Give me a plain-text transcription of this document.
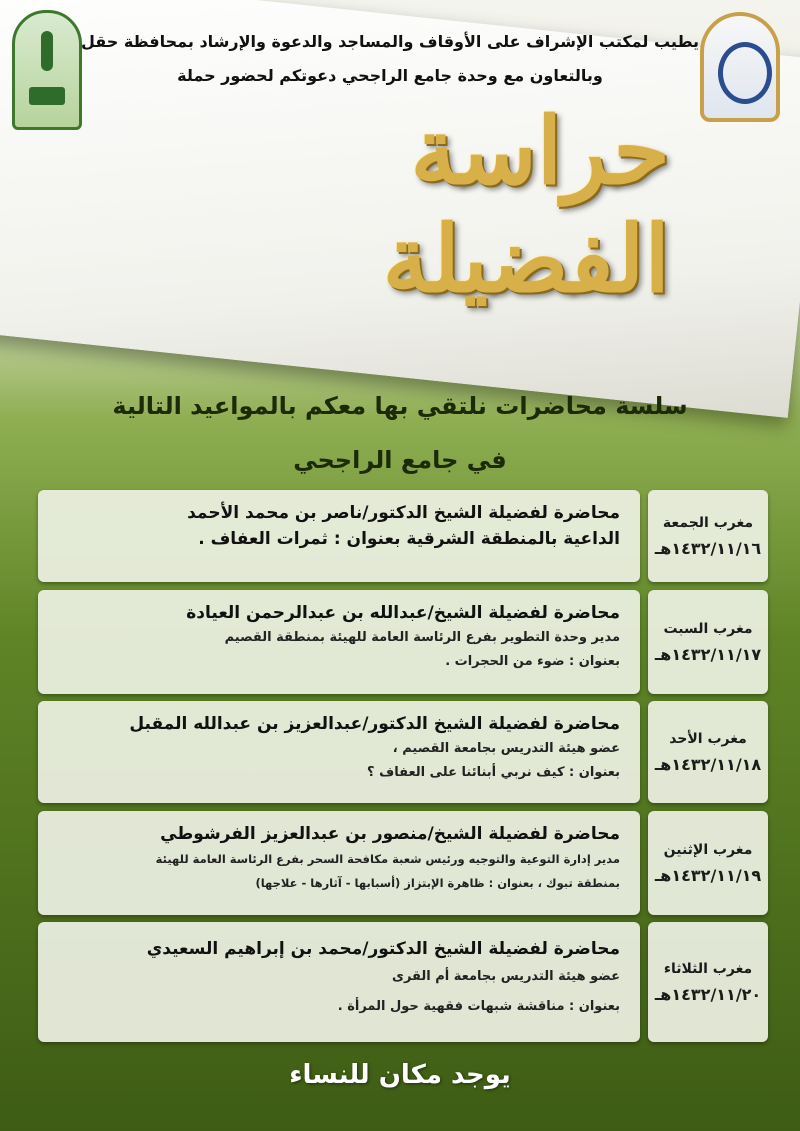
يطيب لمكتب الإشراف على الأوقاف والمساجد والدعوة والإرشاد بمحافظة حقل
وبالتعاون مع وحدة جامع الراجحي دعوتكم لحضور حملة
حراسة الفضيلة
سلسة محاضرات نلتقي بها معكم بالمواعيد التالية
في جامع الراجحي
مغرب الجمعة
١٤٣٢/١١/١٦هـ
محاضرة لفضيلة الشيخ الدكتور/ناصر بن محمد الأحمد
الداعية بالمنطقة الشرقية بعنوان : ثمرات العفاف .
مغرب السبت
١٤٣٢/١١/١٧هـ
محاضرة لفضيلة الشيخ/عبدالله بن عبدالرحمن العيادة
مدير وحدة التطوير بفرع الرئاسة العامة للهيئة بمنطقة القصيم
بعنوان : ضوء من الحجرات .
مغرب الأحد
١٤٣٢/١١/١٨هـ
محاضرة لفضيلة الشيخ الدكتور/عبدالعزيز بن عبدالله المقبل
عضو هيئة التدريس بجامعة القصيم ،
بعنوان : كيف نربي أبنائنا على العفاف ؟
مغرب الإثنين
١٤٣٢/١١/١٩هـ
محاضرة لفضيلة الشيخ/منصور بن عبدالعزيز الفرشوطي
مدير إدارة التوعية والتوجيه ورئيس شعبة مكافحة السحر بفرع الرئاسة العامة للهيئة
بمنطقة تبوك ، بعنوان : ظاهرة الإبتزاز (أسبابها - آثارها - علاجها)
مغرب الثلاثاء
١٤٣٢/١١/٢٠هـ
محاضرة لفضيلة الشيخ الدكتور/محمد بن إبراهيم السعيدي
عضو هيئة التدريس بجامعة أم القرى
بعنوان : مناقشة شبهات فقهية حول المرأة .
يوجد مكان للنساء
